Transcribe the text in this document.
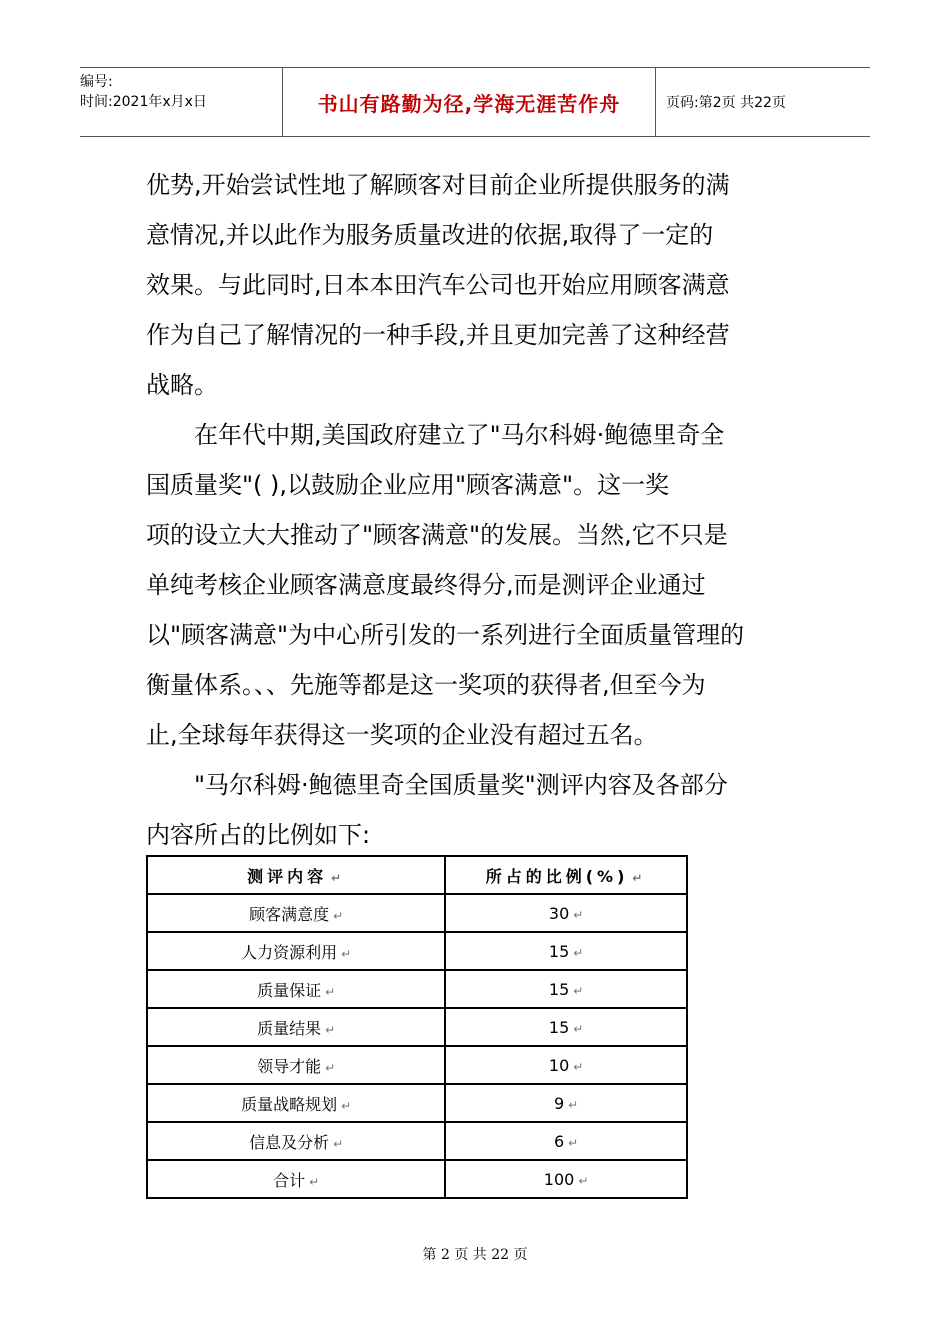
编号:
时间:2021年x月x日	书山有路勤为径,学海无涯苦作舟	页码:第2页 共22页

优势,开始尝试性地了解顾客对目前企业所提供服务的满
意情况,并以此作为服务质量改进的依据,取得了一定的
效果。与此同时,日本本田汽车公司也开始应用顾客满意
作为自己了解情况的一种手段,并且更加完善了这种经营
战略。

在年代中期,美国政府建立了"马尔科姆·鲍德里奇全
国质量奖"( ),以鼓励企业应用"顾客满意"。这一奖
项的设立大大推动了"顾客满意"的发展。当然,它不只是
单纯考核企业顾客满意度最终得分,而是测评企业通过
以"顾客满意"为中心所引发的一系列进行全面质量管理的
衡量体系。、、先施等都是这一奖项的获得者,但至今为
止,全球每年获得这一奖项的企业没有超过五名。

"马尔科姆·鲍德里奇全国质量奖"测评内容及各部分
内容所占的比例如下:

测评内容 ↵	所占的比例(%) ↵
顾客满意度 ↵	30 ↵
人力资源利用 ↵	15 ↵
质量保证 ↵	15 ↵
质量结果 ↵	15 ↵
领导才能 ↵	10 ↵
质量战略规划 ↵	9 ↵
信息及分析 ↵	6 ↵
合计 ↵	100 ↵
第 2 页 共 22 页
